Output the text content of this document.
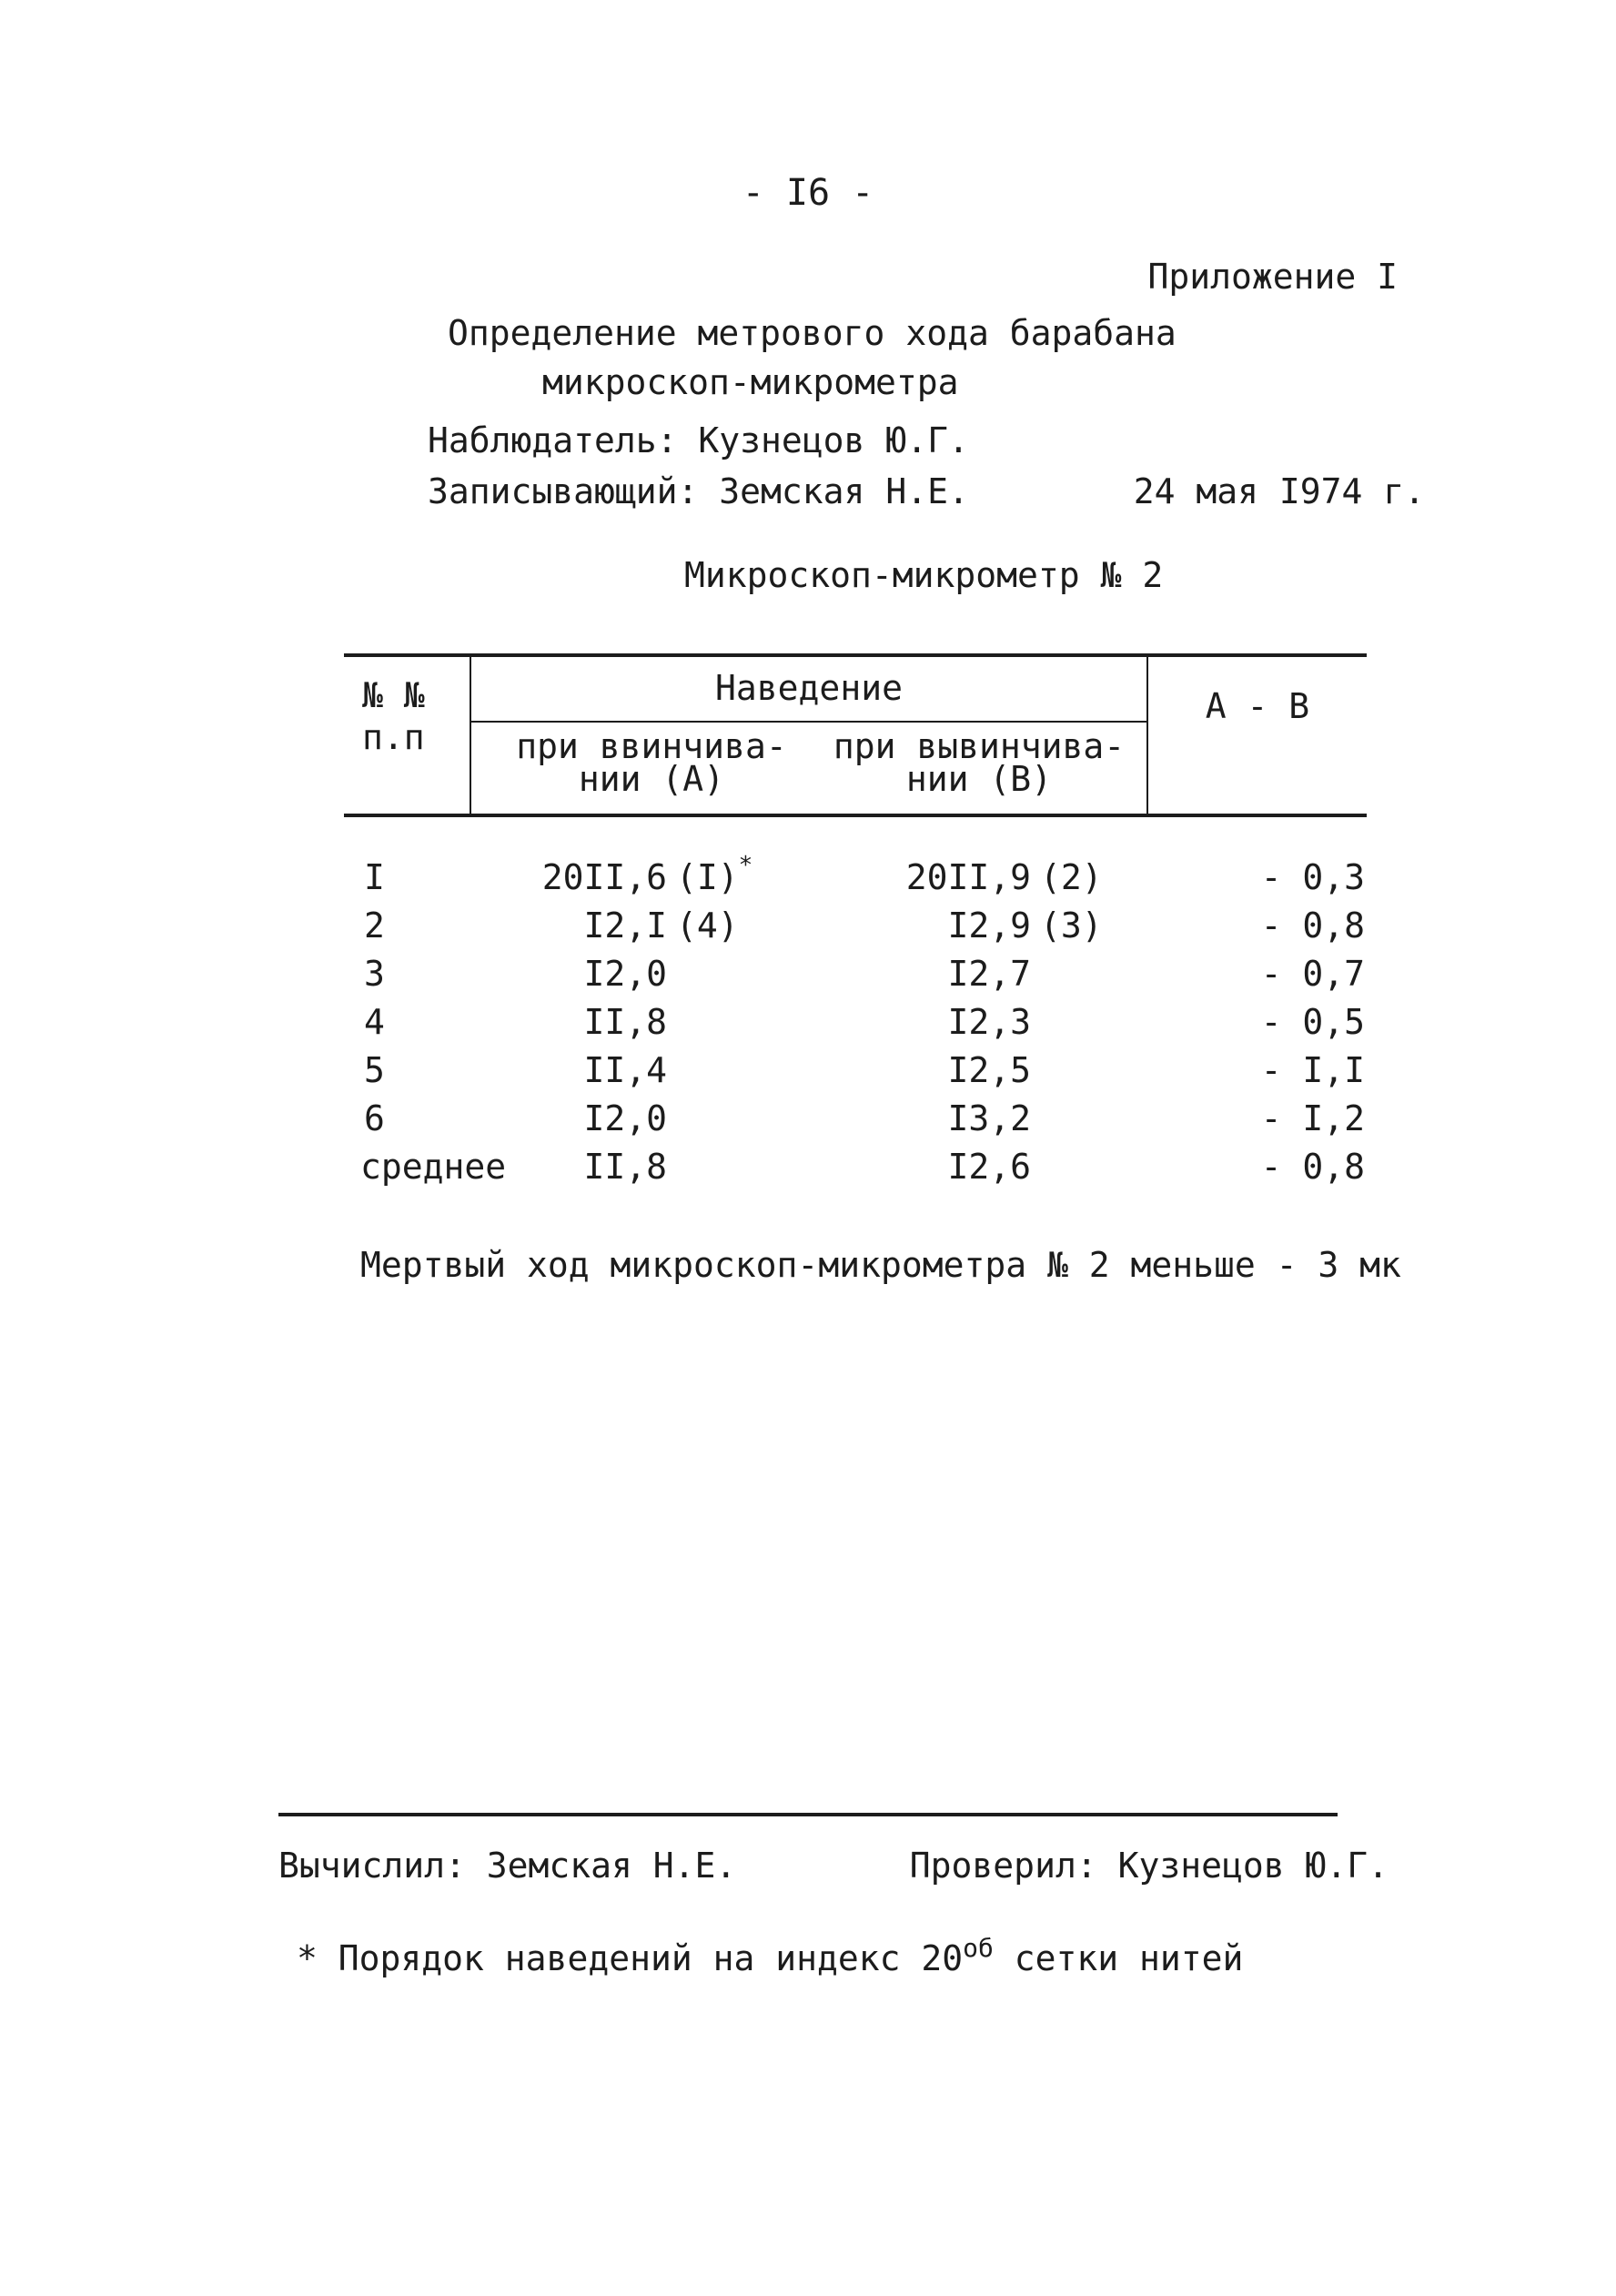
- I6 -
Приложение I
Определение метрового хода барабана
микроскоп-микрометра
Наблюдатель: Кузнецов Ю.Г.
Записывающий: Земская Н.Е.	24 мая I974 г.
Микроскоп-микрометр № 2
№ №
п.п
Наведение
при ввинчива-
нии (А)
при вывинчива-
нии (В)
А - В
I	20II,6 (I)*	20II,9 (2)	- 0,3
2	I2,I (4)	I2,9 (3)	- 0,8
3	I2,0	I2,7	- 0,7
4	II,8	I2,3	- 0,5
5	II,4	I2,5	- I,I
6	I2,0	I3,2	- I,2
среднее	II,8	I2,6	- 0,8
Мертвый ход микроскоп-микрометра № 2 меньше - 3 мк
Вычислил: Земская Н.Е.	Проверил: Кузнецов Ю.Г.
* Порядок наведений на индекс $20^{об}$ сетки нитей
